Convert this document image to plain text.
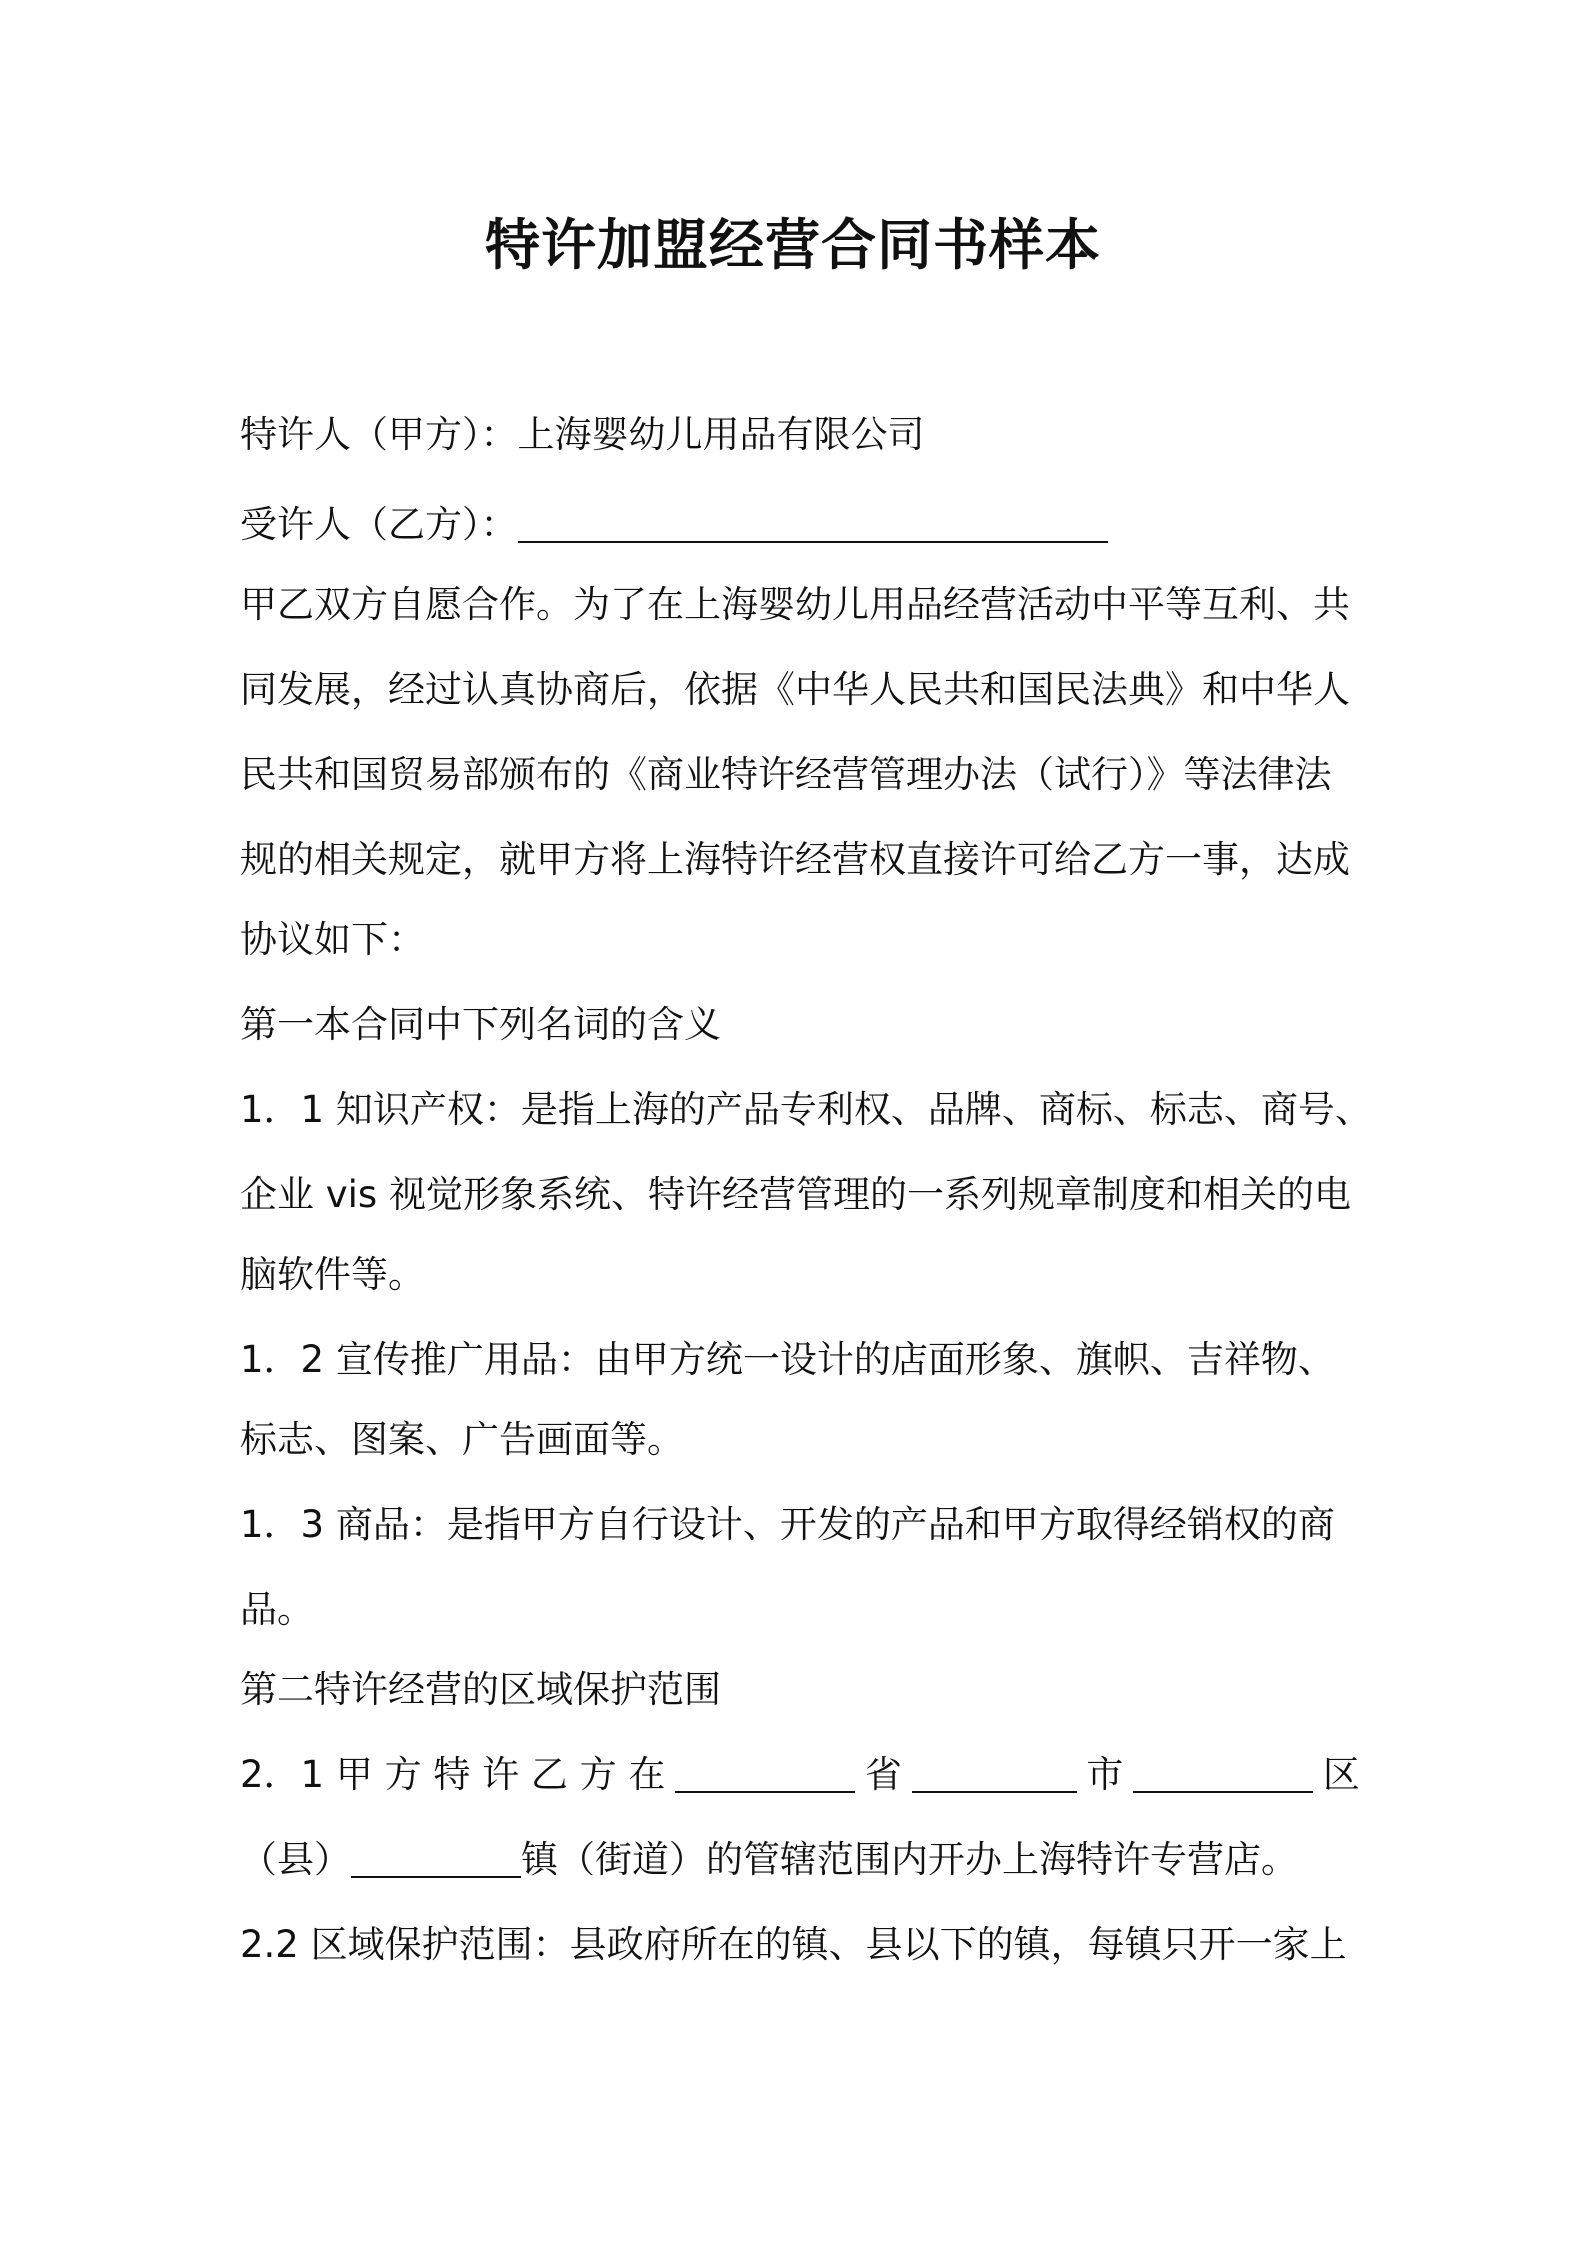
特许加盟经营合同书样本

特许人（甲方）：上海婴幼儿用品有限公司

受许人（乙方）：

甲乙双方自愿合作。为了在上海婴幼儿用品经营活动中平等互利、共

同发展，经过认真协商后，依据《中华人民共和国民法典》和中华人

民共和国贸易部颁布的《商业特许经营管理办法（试行）》等法律法

规的相关规定，就甲方将上海特许经营权直接许可给乙方一事，达成

协议如下：

第一本合同中下列名词的含义

1．1 知识产权：是指上海的产品专利权、品牌、商标、标志、商号、

企业 vis 视觉形象系统、特许经营管理的一系列规章制度和相关的电

脑软件等。

1．2 宣传推广用品：由甲方统一设计的店面形象、旗帜、吉祥物、

标志、图案、广告画面等。

1．3 商品：是指甲方自行设计、开发的产品和甲方取得经销权的商

品。

第二特许经营的区域保护范围

2．1 甲 方 特 许 乙 方 在	省	市	区

（县）	镇（街道）的管辖范围内开办上海特许专营店。

2.2 区域保护范围：县政府所在的镇、县以下的镇，每镇只开一家上
